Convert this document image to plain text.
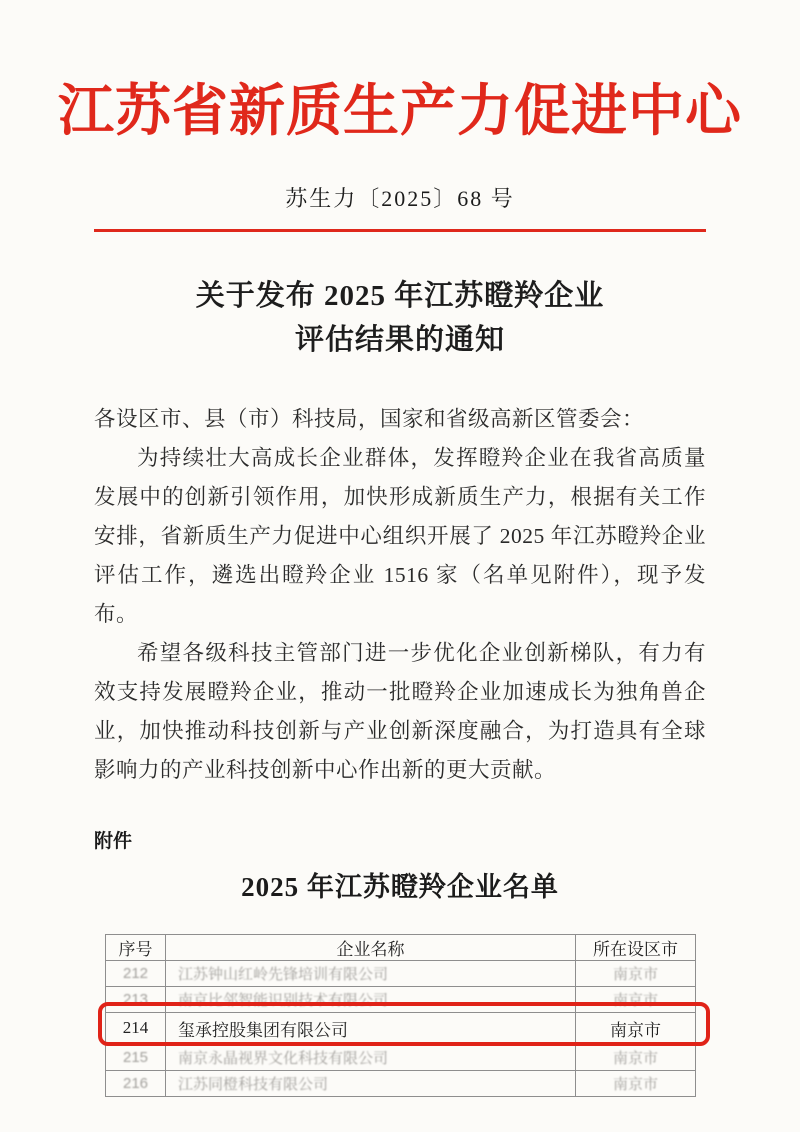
江苏省新质生产力促进中心
苏生力〔2025〕68 号
关于发布 2025 年江苏瞪羚企业
评估结果的通知

各设区市、县（市）科技局，国家和省级高新区管委会：

为持续壮大高成长企业群体，发挥瞪羚企业在我省高质量发展中的创新引领作用，加快形成新质生产力，根据有关工作安排，省新质生产力促进中心组织开展了 2025 年江苏瞪羚企业评估工作，遴选出瞪羚企业 1516 家（名单见附件），现予发布。

希望各级科技主管部门进一步优化企业创新梯队，有力有效支持发展瞪羚企业，推动一批瞪羚企业加速成长为独角兽企业，加快推动科技创新与产业创新深度融合，为打造具有全球影响力的产业科技创新中心作出新的更大贡献。

附件
2025 年江苏瞪羚企业名单
序号	企业名称	所在设区市
212	江苏钟山红岭先锋培训有限公司	南京市
213	南京比邻智能识别技术有限公司	南京市
214	玺承控股集团有限公司	南京市
215	南京永晶视界文化科技有限公司	南京市
216	江苏同橙科技有限公司	南京市
